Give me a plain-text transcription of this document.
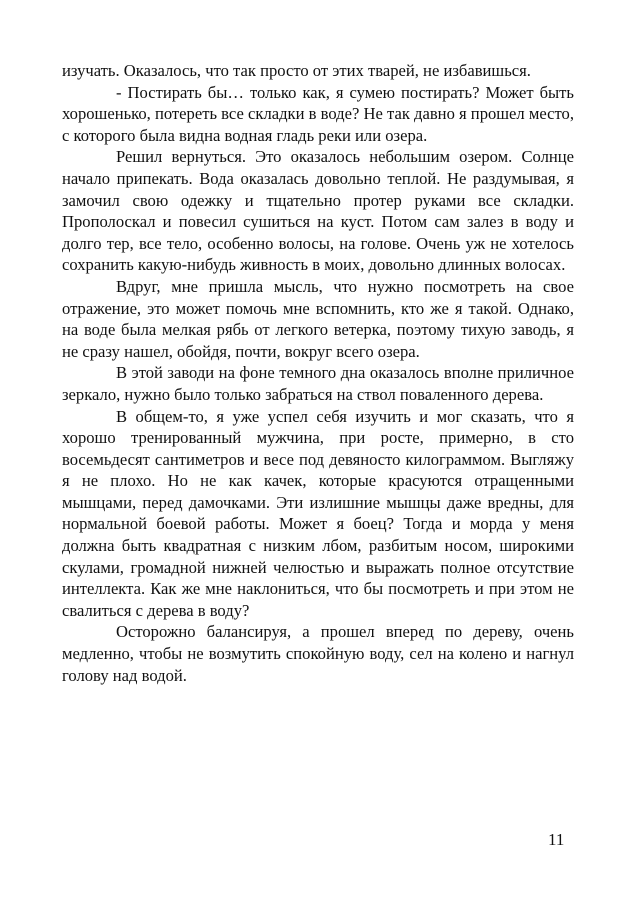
изучать. Оказалось, что так просто от этих тварей, не избавишься.

- Постирать бы… только как, я сумею постирать? Может быть хорошенько, потереть все складки в воде? Не так давно я прошел место, с которого была видна водная гладь реки или озера.

Решил вернуться. Это оказалось небольшим озером. Солнце начало припекать. Вода оказалась довольно теплой. Не раздумывая, я замочил свою одежку и тщательно протер руками все складки. Прополоскал и повесил сушиться на куст. Потом сам залез в воду и долго тер, все тело, особенно волосы, на голове. Очень уж не хотелось сохранить какую-нибудь живность в моих, довольно длинных волосах.

Вдруг, мне пришла мысль, что нужно посмотреть на свое отражение, это может помочь мне вспомнить, кто же я такой. Однако, на воде была мелкая рябь от легкого ветерка, поэтому тихую заводь, я не сразу нашел, обойдя, почти, вокруг всего озера.

В этой заводи на фоне темного дна оказалось вполне приличное зеркало, нужно было только забраться на ствол поваленного дерева.

В общем-то, я уже успел себя изучить и мог сказать, что я хорошо тренированный мужчина, при росте, примерно, в сто восемьдесят сантиметров и весе под девяносто килограммом. Выгляжу я не плохо. Но не как качек, которые красуются отращенными мышцами, перед дамочками. Эти излишние мышцы даже вредны, для нормальной боевой работы. Может я боец? Тогда и морда у меня должна быть квадратная с низким лбом, разбитым носом, широкими скулами, громадной нижней челюстью и выражать полное отсутствие интеллекта. Как же мне наклониться, что бы посмотреть и при этом не свалиться с дерева в воду?

Осторожно балансируя, а прошел вперед по дереву, очень медленно, чтобы не возмутить спокойную воду, сел на колено и нагнул голову над водой.

11
